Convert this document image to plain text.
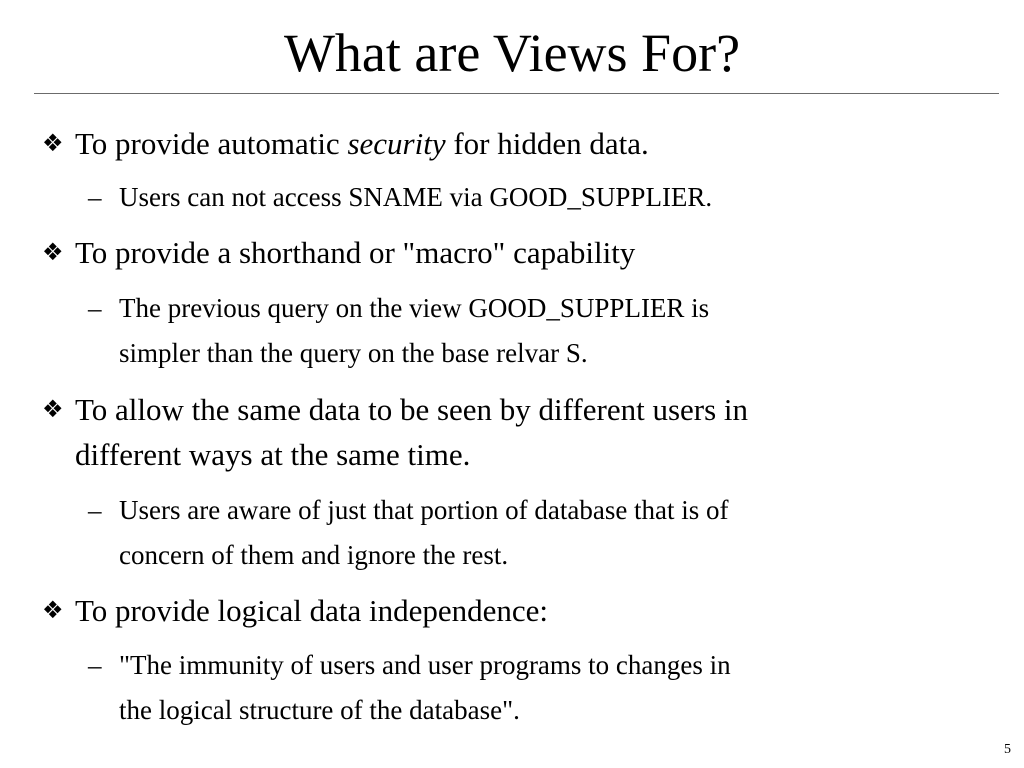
What are Views For?
❖ To provide automatic security for hidden data.
– Users can not access SNAME via GOOD_SUPPLIER.
❖ To provide a shorthand or "macro" capability
– The previous query on the view GOOD_SUPPLIER is
simpler than the query on the base relvar S.
❖ To allow the same data to be seen by different users in
different ways at the same time.
– Users are aware of just that portion of database that is of
concern of them and ignore the rest.
❖ To provide logical data independence:
– "The immunity of users and user programs to changes in
the logical structure of the database".
5
